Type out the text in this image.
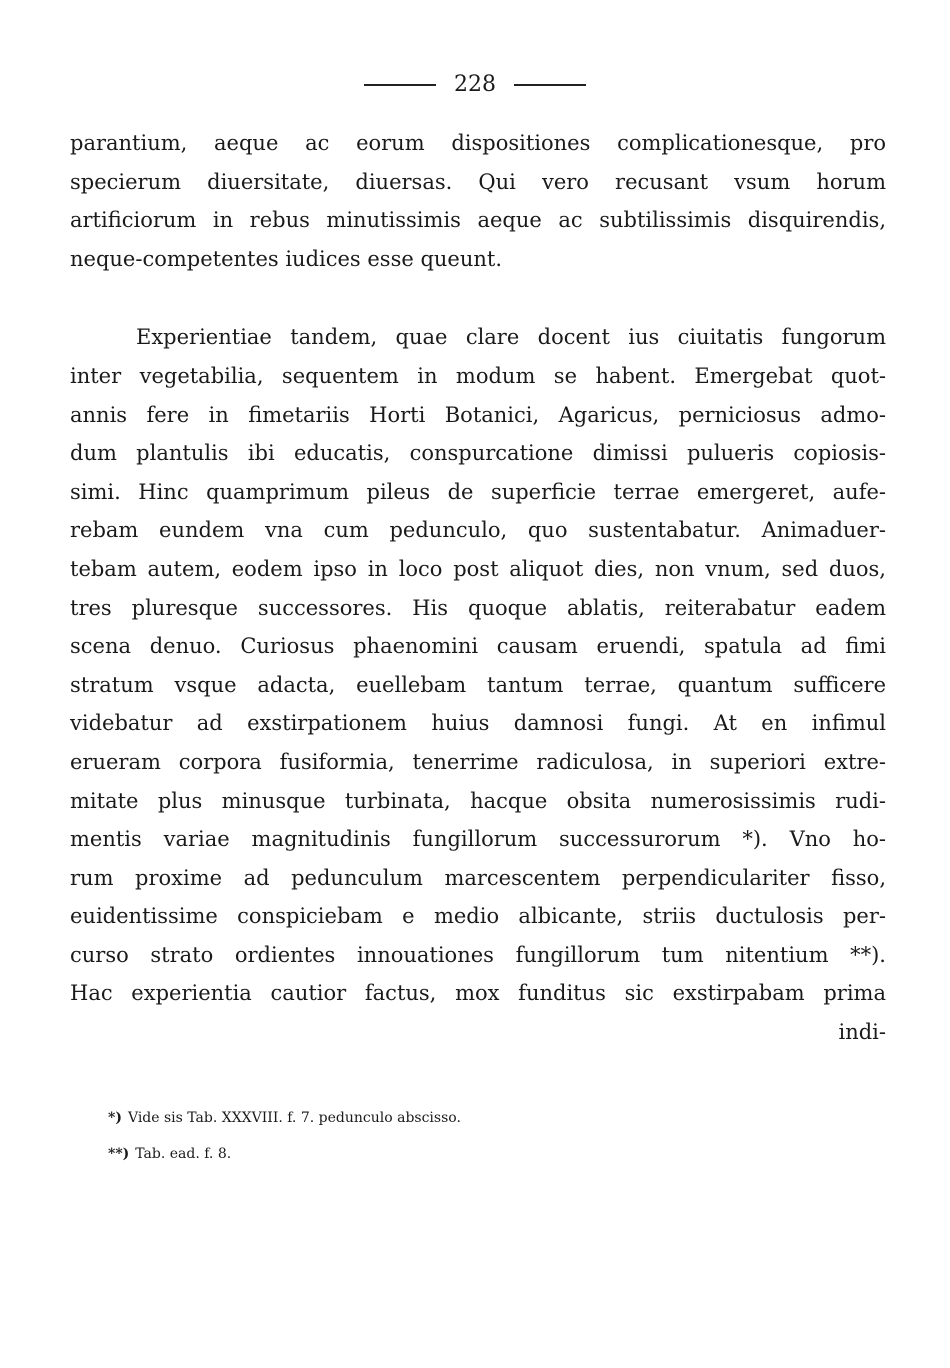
228
parantium, aeque ac eorum dispositiones complicationesque, pro
specierum diuersitate, diuersas. Qui vero recusant vsum horum
artificiorum in rebus minutissimis aeque ac subtilissimis disquirendis,
neque-competentes iudices esse queunt.
Experientiae tandem, quae clare docent ius ciuitatis fungorum
inter vegetabilia, sequentem in modum se habent. Emergebat quot-
annis fere in fimetariis Horti Botanici, Agaricus, perniciosus admo-
dum plantulis ibi educatis, conspurcatione dimissi pulueris copiosis-
simi. Hinc quamprimum pileus de superficie terrae emergeret, aufe-
rebam eundem vna cum pedunculo, quo sustentabatur. Animaduer-
tebam autem, eodem ipso in loco post aliquot dies, non vnum, sed duos,
tres pluresque successores. His quoque ablatis, reiterabatur eadem
scena denuo. Curiosus phaenomini causam eruendi, spatula ad fimi
stratum vsque adacta, euellebam tantum terrae, quantum sufficere
videbatur ad exstirpationem huius damnosi fungi. At en infimul
erueram corpora fusiformia, tenerrime radiculosa, in superiori extre-
mitate plus minusque turbinata, hacque obsita numerosissimis rudi-
mentis variae magnitudinis fungillorum successurorum *). Vno ho-
rum proxime ad pedunculum marcescentem perpendiculariter fisso,
euidentissime conspiciebam e medio albicante, striis ductulosis per-
curso strato ordientes innouationes fungillorum tum nitentium **).
Hac experientia cautior factus, mox funditus sic exstirpabam prima
indi-
*) Vide sis Tab. XXXVIII. f. 7. pedunculo abscisso.
**) Tab. ead. f. 8.
